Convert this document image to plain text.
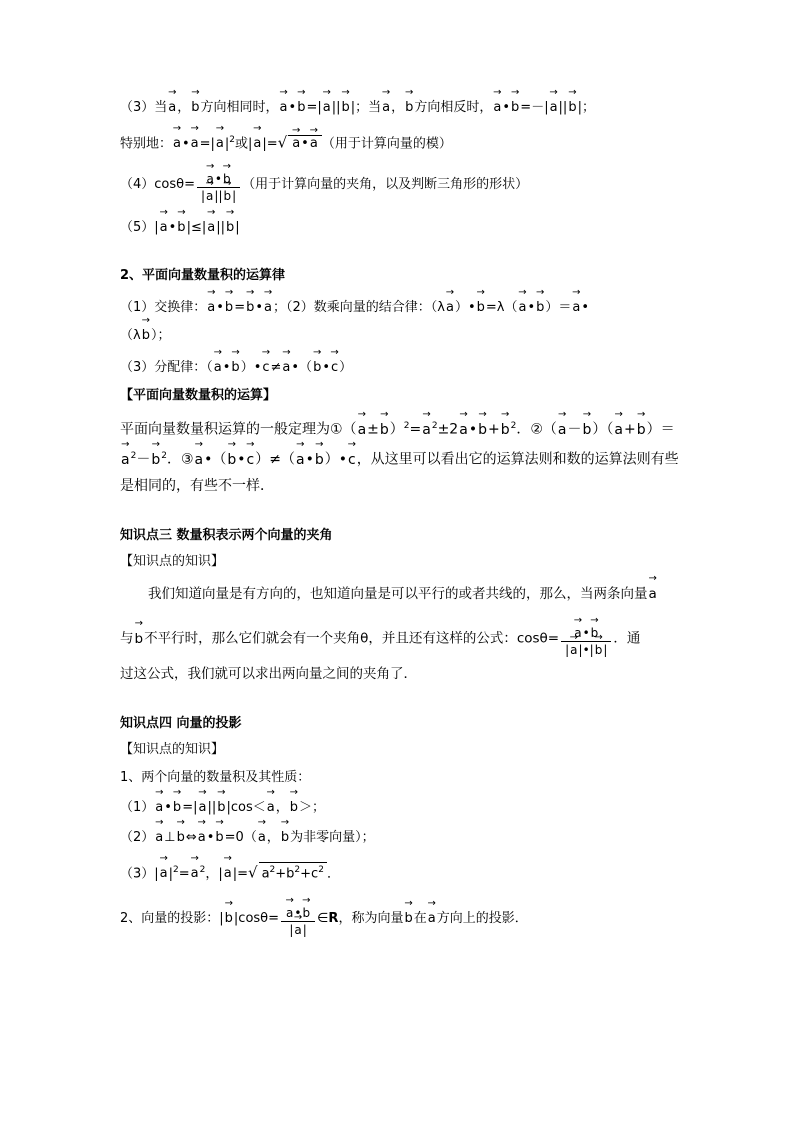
（3）当→ a，→ b方向相同时，→ a•→ b=|→ a||→ b|；当→ a，→ b方向相反时，→ a•→ b=－|→ a||→ b|；
特别地：→ a•→ $a=|\to a|^2$或|→ a|=√→ a•→ a （用于计算向量的模）
（4）cosθ=
→ $\frac{a•\to b}{|\to a||\to b|}$ （用于计算向量的夹角，以及判断三角形的形状）
（5）|→ a•→ b|≤|→ a||→ b|
2、平面向量数量积的运算律
（1）交换律：→ a•→ b=→ b•→ a；（2）数乘向量的结合律：（λ→ a）•→ b=λ（→ a•→ b）＝→ a•
（λ→ b）；
（3）分配律：（→ a•→ b）•→ c≠→ a•（→ b•→ c）
【平面向量数量积的运算】
平面向量数量积运算的一般定理为①（→ $a\pm\to b)^2=\to a^2\pm 2\to$ a•→ $b+\to b^2$．②（→ a－→ b）（→ a+→ b）＝
→ $a^2-\to b^2$．③→ a•（→ b•→ c）≠（→ a•→ b）•→ c，从这里可以看出它的运算法则和数的运算法则有些
是相同的，有些不一样．
知识点三 数量积表示两个向量的夹角
【知识点的知识】
我们知道向量是有方向的，也知道向量是可以平行的或者共线的，那么，当两条向量→ a
与→ b不平行时，那么它们就会有一个夹角θ，并且还有这样的公式：cosθ=
→ $\frac{a•\to b}{|\to a|•|\to b|}$ ．通
过这公式，我们就可以求出两向量之间的夹角了．
知识点四 向量的投影
【知识点的知识】
1、两个向量的数量积及其性质：
（1）→ a•→ b=|→ a||→ b|cos＜→ a，→ b＞；
（2）→ a⊥→ b⇔→ a•→ b=0（→ a，→ b为非零向量）；
$(3)|\to a|^2=\to a^2$，|→ a|=√ $a^2+b^2+c^2$ ．
2、向量的投影：|→ b|cosθ=
→ $\frac{a•\to b}{|\to a|}$ ∈R，称为向量→ b在→ a方向上的投影．
